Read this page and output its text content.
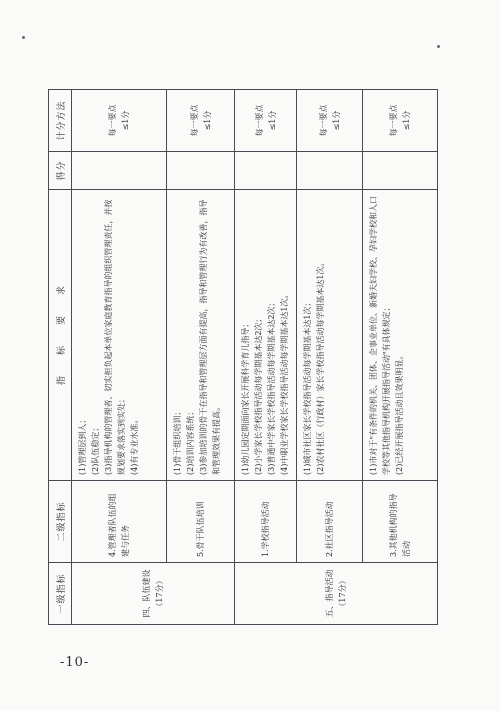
一级指标	二级指标	指　　标　　要　　求	得分	计分方法

四、队伍建设 （17分）	4.管理者队伍的组 建与任务	(1)管理层到人； (2)队伍稳定； (3)指导机构的管理者、切实担负起本单位家庭教育指导的组织管理责任，并按规划要求落实到实处； (4)有专业水准。		每一要点 ≤1分

	5.骨干队伍培训	(1)骨干组织培训； (2)培训内容系统； (3)参加培训的骨干在指导和管理层方面有提高，指导和管理行为有改善，指导和管理效果有提高。		每一要点 ≤1分

五、指导活动 （17分）	1.学校指导活动	(1)幼儿园定期面向家长开展科学育儿指导； (2)小学家长学校指导活动每学期基本达2次； (3)普通中学家长学校指导活动每学期基本达2次； (4)中职业学校家长学校指导活动每学期基本达1次。		每一要点 ≤1分

	2.社区指导活动	(1)城市社区家长学校指导活动每学期基本达1次； (2)农村社区（行政村）家长学校指导活动每学期基本达1次。		每一要点 ≤1分

	3.其他机构的指导 活动	(1)市对于"有条件的机关、团体、企事业单位、新婚夫妇学校、孕妇学校和人口学校等其他指导机构开展指导活动"有具体规定； (2)已经开展指导活动且效果明显。		每一要点 ≤1分
-10-
